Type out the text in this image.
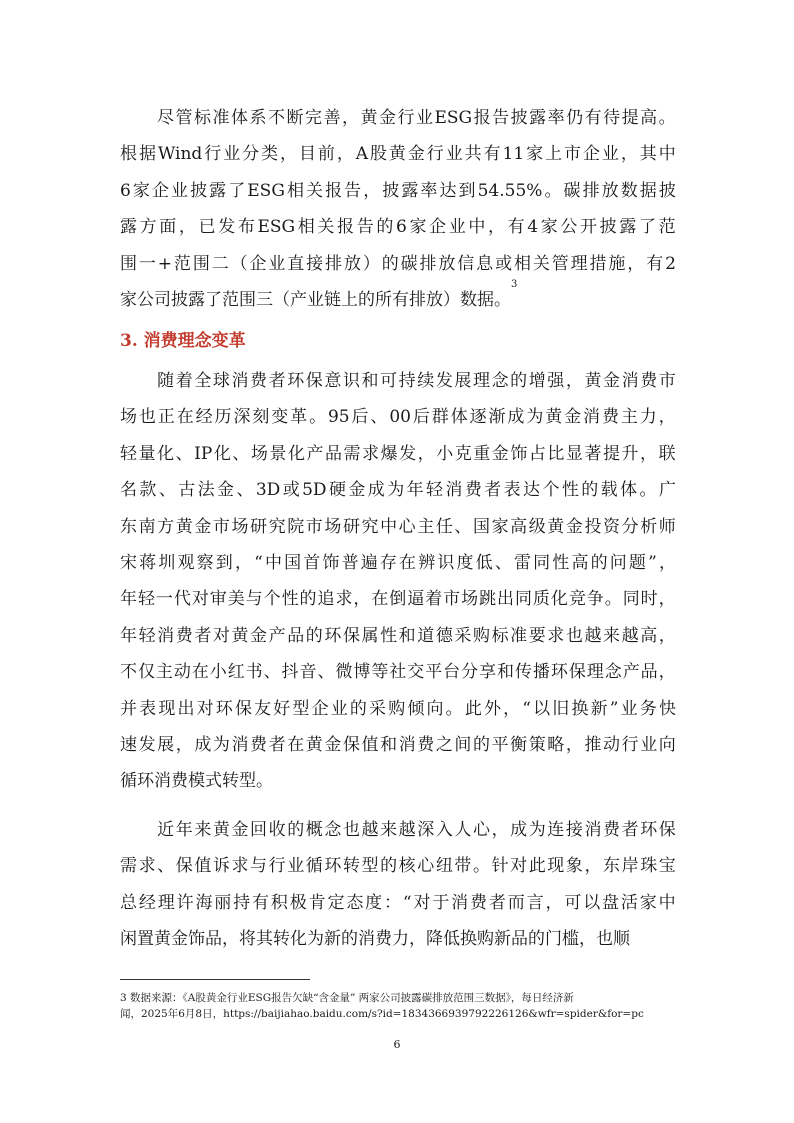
尽 管 标 准 体 系 不 断 完 善 ， 黄 金 行 业 ESG 报 告 披 露 率 仍 有 待 提 高 。
根 据 Wind 行 业 分 类 ， 目 前 ， A 股 黄 金 行 业 共 有 11 家 上 市 企 业 ， 其 中
6 家 企 业 披 露 了 ESG 相 关 报 告 ， 披 露 率 达 到 54.55% 。 碳 排 放 数 据 披
露 方 面 ， 已 发 布 ESG 相 关 报 告 的 6 家 企 业 中 ， 有 4 家 公 开 披 露 了 范
围 一 + 范 围 二 （ 企 业 直 接 排 放 ） 的 碳 排 放 信 息 或 相 关 管 理 措 施 ， 有 2
家公司披露了范围三（产业链上的所有排放）数据。
3
3. 消费理念变革

随 着 全 球 消 费 者 环 保 意 识 和 可 持 续 发 展 理 念 的 增 强 ， 黄 金 消 费 市
场 也 正 在 经 历 深 刻 变 革 。 95 后 、 00 后 群 体 逐 渐 成 为 黄 金 消 费 主 力 ，
轻 量 化 、 IP 化 、 场 景 化 产 品 需 求 爆 发 ， 小 克 重 金 饰 占 比 显 著 提 升 ， 联
名 款 、 古 法 金 、 3D 或 5D 硬 金 成 为 年 轻 消 费 者 表 达 个 性 的 载 体 。 广
东 南 方 黄 金 市 场 研 究 院 市 场 研 究 中 心 主 任 、 国 家 高 级 黄 金 投 资 分 析 师
宋 蒋 圳 观 察 到 ， “ 中 国 首 饰 普 遍 存 在 辨 识 度 低 、 雷 同 性 高 的 问 题 ” ，
年 轻 一 代 对 审 美 与 个 性 的 追 求 ， 在 倒 逼 着 市 场 跳 出 同 质 化 竞 争 。 同 时 ，
年 轻 消 费 者 对 黄 金 产 品 的 环 保 属 性 和 道 德 采 购 标 准 要 求 也 越 来 越 高 ，
不 仅 主 动 在 小 红 书 、 抖 音 、 微 博 等 社 交 平 台 分 享 和 传 播 环 保 理 念 产 品 ，
并 表 现 出 对 环 保 友 好 型 企 业 的 采 购 倾 向 。 此 外 ， “ 以 旧 换 新 ” 业 务 快
速 发 展 ， 成 为 消 费 者 在 黄 金 保 值 和 消 费 之 间 的 平 衡 策 略 ， 推 动 行 业 向
循环消费模式转型。

近 年 来 黄 金 回 收 的 概 念 也 越 来 越 深 入 人 心 ， 成 为 连 接 消 费 者 环 保
需 求 、 保 值 诉 求 与 行 业 循 环 转 型 的 核 心 纽 带 。 针 对 此 现 象 ， 东 岸 珠 宝
总 经 理 许 海 丽 持 有 积 极 肯 定 态 度 ： “ 对 于 消 费 者 而 言 ， 可 以 盘 活 家 中
闲置黄金饰品，将其转化为新的消费力，降低换购新品的门槛，也顺
3 数据来源：《A股黄金行业ESG报告欠缺“含金量” 两家公司披露碳排放范围三数据》，每日经济新
闻，2025年6月8日，https://baijiahao.baidu.com/s?id=1834366939792226126&wfr=spider&for=pc
6
